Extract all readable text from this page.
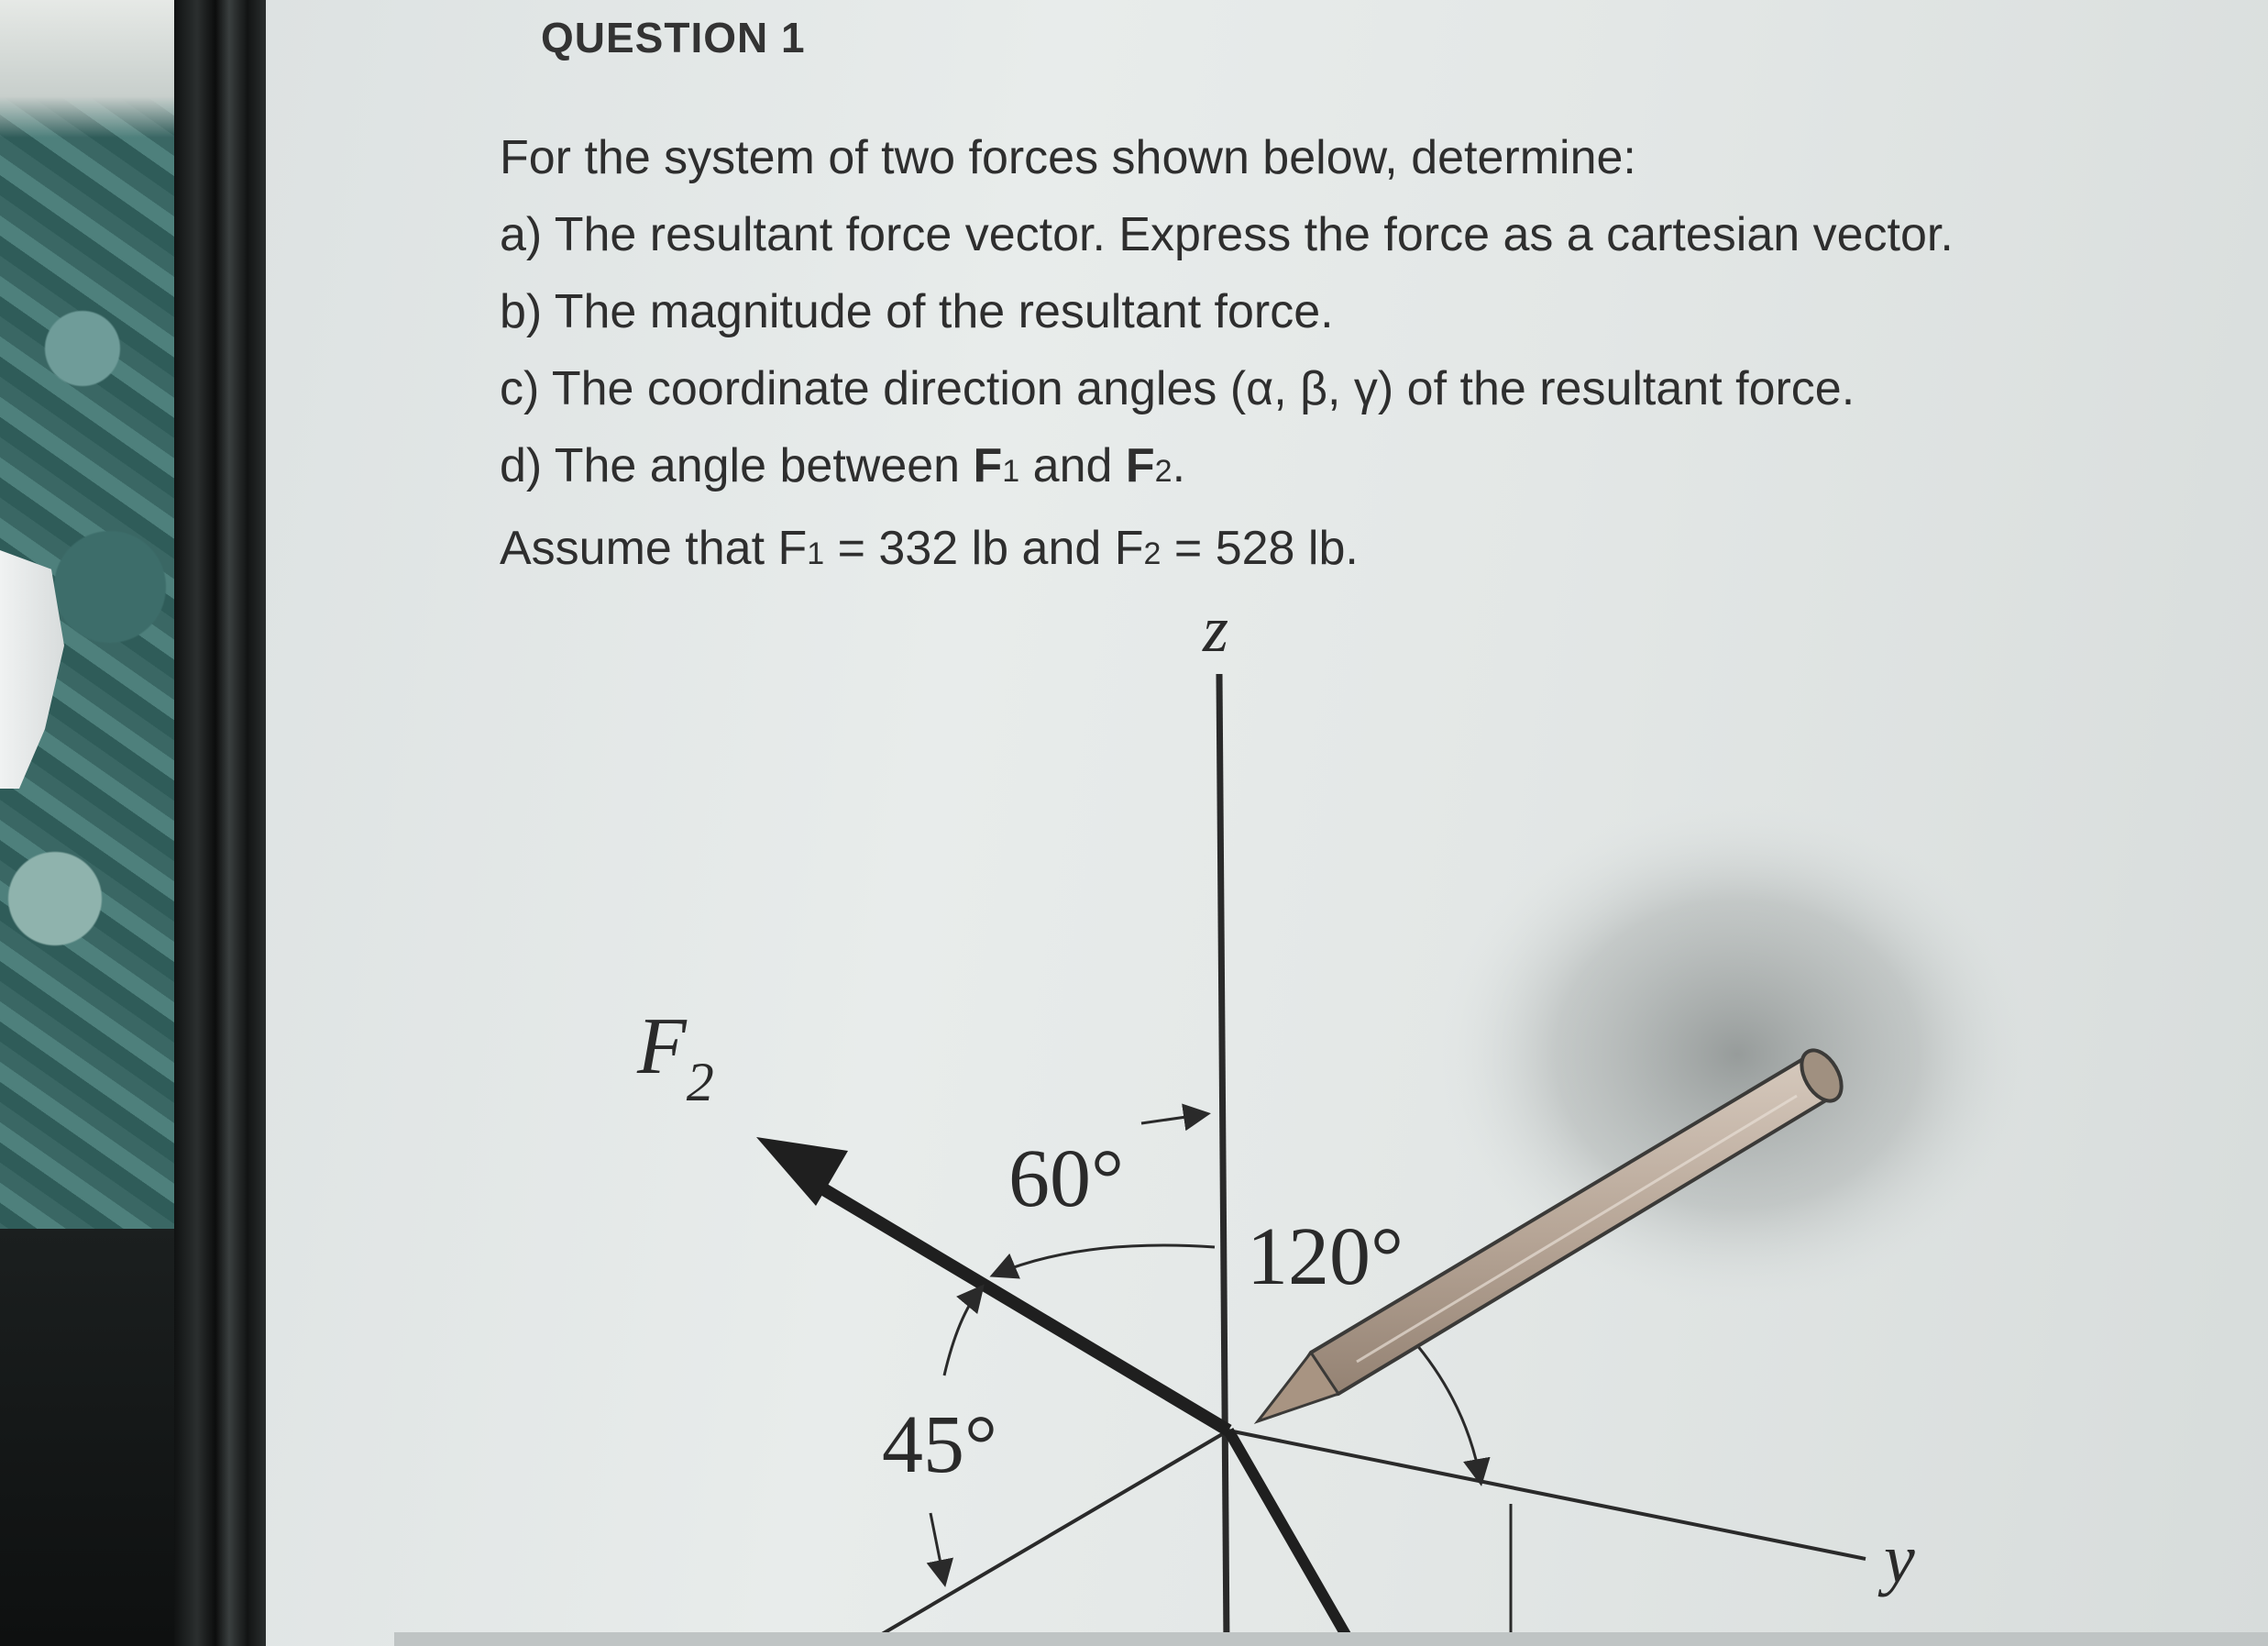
QUESTION 1
For the system of two forces shown below, determine:
a) The resultant force vector. Express the force as a cartesian vector.
b) The magnitude of the resultant force.
c) The coordinate direction angles (α, β, γ) of the resultant force.
d) The angle between F1 and F2.
Assume that F1 = 332 lb and F2 = 528 lb.
z
y
$F_2$
60°
45°
120°
